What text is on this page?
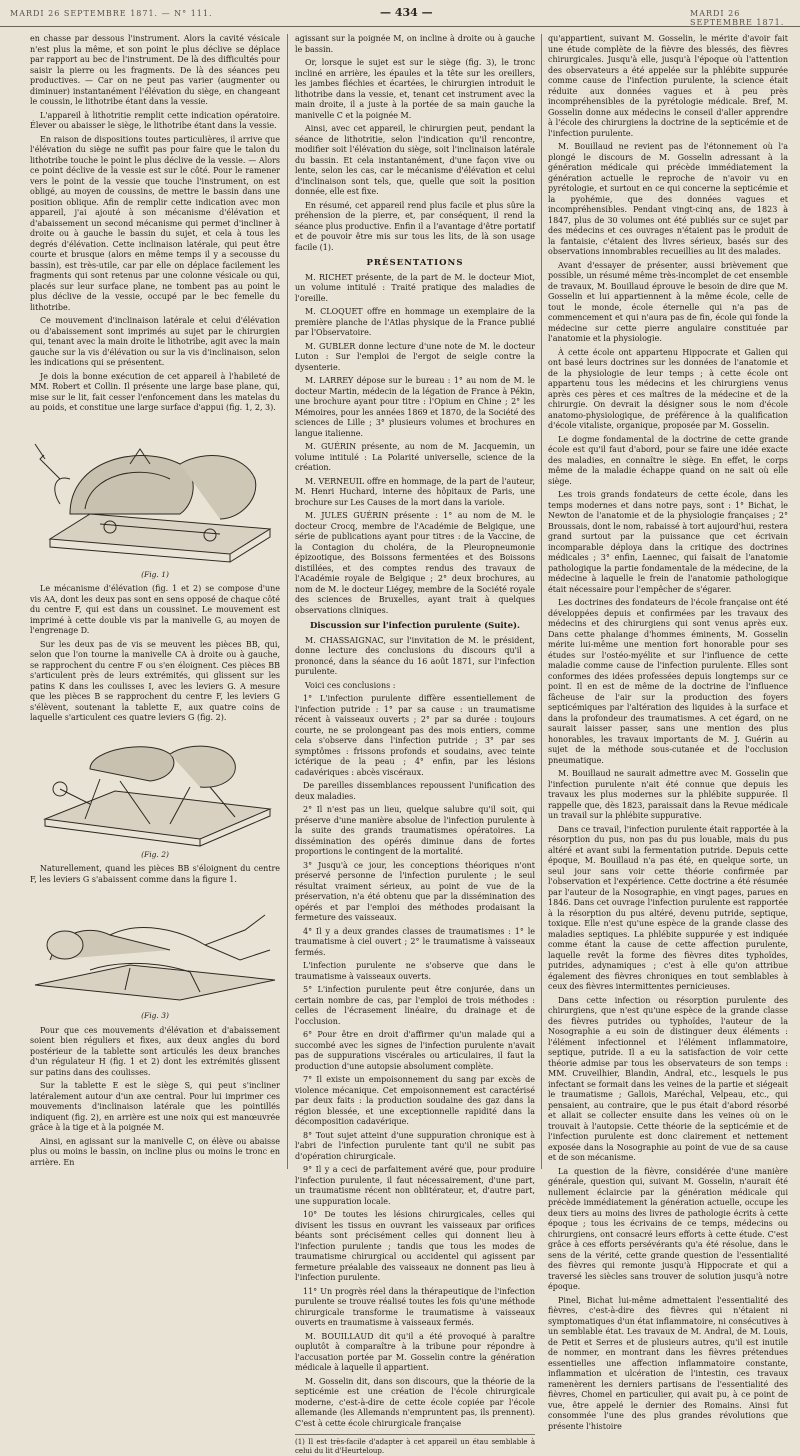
MARDI 26 SEPTEMBRE 1871. — N° 111.	— 434 —	MARDI 26 SEPTEMBRE 1871.

en chasse par dessous l'instrument. Alors la cavité vésicale n'est plus la même, et son point le plus déclive se déplace par rapport au bec de l'instrument. De là des difficultés pour saisir la pierre ou les fragments. De là des séances peu productives. — Car on ne peut pas varier (augmenter ou diminuer) instantanément l'élévation du siège, en changeant le coussin, le lithotribe étant dans la vessie.

L'appareil à lithotritie remplit cette indication opératoire. Élever ou abaisser le siège, le lithotribe étant dans la vessie.

En raison de dispositions toutes particulières, il arrive que l'élévation du siège ne suffit pas pour faire que le talon du lithotribe touche le point le plus déclive de la vessie. — Alors ce point déclive de la vessie est sur le côté. Pour le ramener vers le point de la vessie que touche l'instrument, on est obligé, au moyen de coussins, de mettre le bassin dans une position oblique. Afin de remplir cette indication avec mon appareil, j'ai ajouté à son mécanisme d'élévation et d'abaissement un second mécanisme qui permet d'incliner à droite ou à gauche le bassin du sujet, et cela à tous les degrés d'élévation. Cette inclinaison latérale, qui peut être courte et brusque (alors en même temps il y a secousse du bassin), est très-utile, car par elle on déplace facilement les fragments qui sont retenus par une colonne vésicale ou qui, placés sur leur surface plane, ne tombent pas au point le plus déclive de la vessie, occupé par le bec femelle du lithotribe.

Ce mouvement d'inclinaison latérale et celui d'élévation ou d'abaissement sont imprimés au sujet par le chirurgien qui, tenant avec la main droite le lithotribe, agit avec la main gauche sur la vis d'élévation ou sur la vis d'inclinaison, selon les indications qui se présentent.

Je dois la bonne exécution de cet appareil à l'habileté de MM. Robert et Collin. Il présente une large base plane, qui, mise sur le lit, fait cesser l'enfoncement dans les matelas du au poids, et constitue une large surface d'appui (fig. 1, 2, 3).

(Fig. 1)

Le mécanisme d'élévation (fig. 1 et 2) se compose d'une vis AA, dont les deux pas sont en sens opposé de chaque côté du centre F, qui est dans un coussinet. Le mouvement est imprimé à cette double vis par la manivelle G, au moyen de l'engrenage D.

Sur les deux pas de vis se meuvent les pièces BB, qui, selon que l'on tourne la manivelle CA à droite ou à gauche, se rapprochent du centre F ou s'en éloignent. Ces pièces BB s'articulent près de leurs extrémités, qui glissent sur les patins K dans les coulisses I, avec les leviers G. A mesure que les pièces B se rapprochent du centre F, les leviers G s'élèvent, soutenant la tablette E, aux quatre coins de laquelle s'articulent ces quatre leviers G (fig. 2).

(Fig. 2)

Naturellement, quand les pièces BB s'éloignent du centre F, les leviers G s'abaissent comme dans la figure 1.

(Fig. 3)

Pour que ces mouvements d'élévation et d'abaissement soient bien réguliers et fixes, aux deux angles du bord postérieur de la tablette sont articulés les deux branches d'un régulateur H (fig. 1 et 2) dont les extrémités glissent sur patins dans des coulisses.

Sur la tablette E est le siège S, qui peut s'incliner latéralement autour d'un axe central. Pour lui imprimer ces mouvements d'inclinaison latérale que les pointillés indiquent (fig. 2), en arrière est une noix qui est manœuvrée grâce à la tige et à la poignée M.

Ainsi, en agissant sur la manivelle C, on élève ou abaisse plus ou moins le bassin, on incline plus ou moins le tronc en arrière. En

agissant sur la poignée M, on incline à droite ou à gauche le bassin.

Or, lorsque le sujet est sur le siège (fig. 3), le tronc incliné en arrière, les épaules et la tête sur les oreillers, les jambes fléchies et écartées, le chirurgien introduit le lithotribe dans la vessie, et, tenant cet instrument avec la main droite, il a juste à la portée de sa main gauche la manivelle C et la poignée M.

Ainsi, avec cet appareil, le chirurgien peut, pendant la séance de lithotritie, selon l'indication qu'il rencontre, modifier soit l'élévation du siège, soit l'inclinaison latérale du bassin. Et cela instantanément, d'une façon vive ou lente, selon les cas, car le mécanisme d'élévation et celui d'inclinaison sont tels, que, quelle que soit la position donnée, elle est fixe.

En résumé, cet appareil rend plus facile et plus sûre la préhension de la pierre, et, par conséquent, il rend la séance plus productive. Enfin il a l'avantage d'être portatif et de pouvoir être mis sur tous les lits, de là son usage facile (1).

PRÉSENTATIONS

M. RICHET présente, de la part de M. le docteur Miot, un volume intitulé : Traité pratique des maladies de l'oreille.

M. CLOQUET offre en hommage un exemplaire de la première planche de l'Atlas physique de la France publié par l'Observatoire.

M. GUBLER donne lecture d'une note de M. le docteur Luton : Sur l'emploi de l'ergot de seigle contre la dysenterie.

M. LARREY dépose sur le bureau : 1° au nom de M. le docteur Martin, médecin de la légation de France à Pékin, une brochure ayant pour titre : l'Opium en Chine ; 2° les Mémoires, pour les années 1869 et 1870, de la Société des sciences de Lille ; 3° plusieurs volumes et brochures en langue italienne.

M. GUÉRIN présente, au nom de M. Jacquemin, un volume intitulé : La Polarité universelle, science de la création.

M. VERNEUIL offre en hommage, de la part de l'auteur, M. Henri Huchard, interne des hôpitaux de Paris, une brochure sur Les Causes de la mort dans la variole.

M. JULES GUÉRIN présente : 1° au nom de M. le docteur Crocq, membre de l'Académie de Belgique, une série de publications ayant pour titres : de la Vaccine, de la Contagion du choléra, de la Pleuropneumonie épizootique, des Boissons fermentées et des Boissons distillées, et des comptes rendus des travaux de l'Académie royale de Belgique ; 2° deux brochures, au nom de M. le docteur Liégey, membre de la Société royale des sciences de Bruxelles, ayant trait à quelques observations cliniques.

Discussion sur l'infection purulente (Suite).

M. CHASSAIGNAC, sur l'invitation de M. le président, donne lecture des conclusions du discours qu'il a prononcé, dans la séance du 16 août 1871, sur l'infection purulente.

Voici ces conclusions :

1° L'infection purulente diffère essentiellement de l'infection putride : 1° par sa cause : un traumatisme récent à vaisseaux ouverts ; 2° par sa durée : toujours courte, ne se prolongeant pas des mois entiers, comme cela s'observe dans l'infection putride ; 3° par ses symptômes : frissons profonds et soudains, avec teinte ictérique de la peau ; 4° enfin, par les lésions cadavériques : abcès viscéraux.

De pareilles dissemblances repoussent l'unification des deux maladies.

2° Il n'est pas un lieu, quelque salubre qu'il soit, qui préserve d'une manière absolue de l'infection purulente à la suite des grands traumatismes opératoires. La dissémination des opérés diminue dans de fortes proportions le contingent de la mortalité.

3° Jusqu'à ce jour, les conceptions théoriques n'ont préservé personne de l'infection purulente ; le seul résultat vraiment sérieux, au point de vue de la préservation, n'a été obtenu que par la dissémination des opérés et par l'emploi des méthodes prodaisant la fermeture des vaisseaux.

4° Il y a deux grandes classes de traumatismes : 1° le traumatisme à ciel ouvert ; 2° le traumatisme à vaisseaux fermés.

L'infection purulente ne s'observe que dans le traumatisme à vaisseaux ouverts.

5° L'infection purulente peut être conjurée, dans un certain nombre de cas, par l'emploi de trois méthodes : celles de l'écrasement linéaire, du drainage et de l'occlusion.

6° Pour être en droit d'affirmer qu'un malade qui a succombé avec les signes de l'infection purulente n'avait pas de suppurations viscérales ou articulaires, il faut la production d'une autopsie absolument complète.

7° Il existe un empoisonnement du sang par excès de violence mécanique. Cet empoisonnement est caractérisé par deux faits : la production soudaine des gaz dans la région blessée, et une exceptionnelle rapidité dans la décomposition cadavérique.

8° Tout sujet atteint d'une suppuration chronique est à l'abri de l'infection purulente tant qu'il ne subit pas d'opération chirurgicale.

9° Il y a ceci de parfaitement avéré que, pour produire l'infection purulente, il faut nécessairement, d'une part, un traumatisme récent non oblitérateur, et, d'autre part, une suppuration locale.

10° De toutes les lésions chirurgicales, celles qui divisent les tissus en ouvrant les vaisseaux par orifices béants sont précisément celles qui donnent lieu à l'infection purulente ; tandis que tous les modes de traumatisme chirurgical ou accidentel qui agissent par fermeture préalable des vaisseaux ne donnent pas lieu à l'infection purulente.

11° Un progrès réel dans la thérapeutique de l'infection purulente se trouve réalisé toutes les fois qu'une méthode chirurgicale transforme le traumatisme à vaisseaux ouverts en traumatisme à vaisseaux fermés.

M. BOUILLAUD dit qu'il a été provoqué à paraître ouplutôt à comparaître à la tribune pour répondre à l'accusation portée par M. Gosselin contre la génération médicale à laquelle il appartient.

M. Gosselin dit, dans son discours, que la théorie de la septicémie est une création de l'école chirurgicale moderne, c'est-à-dire de cette école copiée par l'école allemande (les Allemands n'empruntent pas, ils prennent). C'est à cette école chirurgicale française

(1) Il est très-facile d'adapter à cet appareil un étau semblable à celui du lit d'Heurteloup.

qu'appartient, suivant M. Gosselin, le mérite d'avoir fait une étude complète de la fièvre des blessés, des fièvres chirurgicales. Jusqu'à elle, jusqu'à l'époque où l'attention des observateurs a été appelée sur la phlébite suppurée comme cause de l'infection purulente, la science était réduite aux données vagues et à peu près incompréhensibles de la pyrétologie médicale. Bref, M. Gosselin donne aux médecins le conseil d'aller apprendre à l'école des chirurgiens la doctrine de la septicémie et de l'infection purulente.

M. Bouillaud ne revient pas de l'étonnement où l'a plongé le discours de M. Gosselin adressant à la génération médicale qui précède immédiatement la génération actuelle le reproche de n'avoir vu en pyrétologie, et surtout en ce qui concerne la septicémie et la pyohémie, que des données vagues et incompréhensibles. Pendant vingt-cinq ans, de 1823 à 1847, plus de 30 volumes ont été publiés sur ce sujet par des médecins et ces ouvrages n'étaient pas le produit de la fantaisie, c'étaient des livres sérieux, basés sur des observations innombrables recueillies au lit des malades.

Avant d'essayer de présenter, aussi brièvement que possible, un résumé même très-incomplet de cet ensemble de travaux, M. Bouillaud éprouve le besoin de dire que M. Gosselin et lui appartiennent à la même école, celle de tout le monde, école éternelle qui n'a pas de commencement et qui n'aura pas de fin, école qui fonde la médecine sur cette pierre angulaire constituée par l'anatomie et la physiologie.

À cette école ont appartenu Hippocrate et Galien qui ont basé leurs doctrines sur les données de l'anatomie et de la physiologie de leur temps ; à cette école ont appartenu tous les médecins et les chirurgiens venus après ces pères et ces maîtres de la médecine et de la chirurgie. On devrait la désigner sous le nom d'école anatomo-physiologique, de préférence à la qualification d'école vitaliste, organique, proposée par M. Gosselin.

Le dogme fondamental de la doctrine de cette grande école est qu'il faut d'abord, pour se faire une idée exacte des maladies, en connaître le siège. En effet, le corps même de la maladie échappe quand on ne sait où elle siège.

Les trois grands fondateurs de cette école, dans les temps modernes et dans notre pays, sont : 1° Bichat, le Newton de l'anatomie et de la physiologie françaises ; 2° Broussais, dont le nom, rabaissé à tort aujourd'hui, restera grand surtout par la puissance que cet écrivain incomparable déploya dans la critique des doctrines médicales ; 3° enfin, Laennec, qui faisait de l'anatomie pathologique la partie fondamentale de la médecine, de la médecine à laquelle le frein de l'anatomie pathologique était nécessaire pour l'empêcher de s'égarer.

Les doctrines des fondateurs de l'école française ont été développées depuis et confirmées par les travaux des médecins et des chirurgiens qui sont venus après eux. Dans cette phalange d'hommes éminents, M. Gosselin mérite lui-même une mention fort honorable pour ses études sur l'ostéo-myélite et sur l'influence de cette maladie comme cause de l'infection purulente. Elles sont conformes des idées professées depuis longtemps sur ce point. Il en est de même de la doctrine de l'influence fâcheuse de l'air sur la production des foyers septicémiques par l'altération des liquides à la surface et dans la profondeur des traumatismes. A cet égard, on ne saurait laisser passer, sans une mention des plus honorables, les travaux importants de M. J. Guérin au sujet de la méthode sous-cutanée et de l'occlusion pneumatique.

M. Bouillaud ne saurait admettre avec M. Gosselin que l'infection purulente n'ait été connue que depuis les travaux les plus modernes sur la phlébite suppurée. Il rappelle que, dès 1823, paraissait dans la Revue médicale un travail sur la phlébite suppurative.

Dans ce travail, l'infection purulente était rapportée à la résorption du pus, non pas du pus louable, mais du pus altéré et avant subi la fermentation putride. Depuis cette époque, M. Bouillaud n'a pas été, en quelque sorte, un seul jour sans voir cette théorie confirmée par l'observation et l'expérience. Cette doctrine a été résumée par l'auteur de la Nosographie, en vingt pages, parues en 1846. Dans cet ouvrage l'infection purulente est rapportée à la résorption du pus altéré, devenu putride, septique, toxique. Elle n'est qu'une espèce de la grande classe des maladies septiques. La phlébite suppurée y est indiquée comme étant la cause de cette affection purulente, laquelle revêt la forme des fièvres dites typhoïdes, putrides, adynamiques ; c'est à elle qu'on attribue également des fièvres chroniques en tout semblables à ceux des fièvres intermittentes pernicieuses.

Dans cette infection ou résorption purulente des chirurgiens, que n'est qu'une espèce de la grande classe des fièvres putrides ou typhoïdes, l'auteur de la Nosographie a eu soin de distinguer deux éléments : l'élément infectionnel et l'élément inflammatoire, septique, putride. Il a eu la satisfaction de voir cette théorie admise par tous les observateurs de son temps : MM. Cruveilhier, Blandin, Andral, etc., lesquels le pus infectant se formait dans les veines de la partie et siégeait le traumatisme ; Gallois, Maréchal, Velpeau, etc., qui pensaient, au contraire, que le pus était d'abord résorbé et allait se collecter ensuite dans les veines où on le trouvait à l'autopsie. Cette théorie de la septicémie et de l'infection purulente est donc clairement et nettement exposée dans la Nosographie au point de vue de sa cause et de son mécanisme.

La question de la fièvre, considérée d'une manière générale, question qui, suivant M. Gosselin, n'aurait été nullement éclaircie par la génération médicale qui précède immédiatement la génération actuelle, occupe les deux tiers au moins des livres de pathologie écrits à cette époque ; tous les écrivains de ce temps, médecins ou chirurgiens, ont consacré leurs efforts à cette étude. C'est grâce à ces efforts persévérants qu'a été résolue, dans le sens de la vérité, cette grande question de l'essentialité des fièvres qui remonte jusqu'à Hippocrate et qui a traversé les siècles sans trouver de solution jusqu'à notre époque.

Pinel, Bichat lui-même admettaient l'essentialité des fièvres, c'est-à-dire des fièvres qui n'étaient ni symptomatiques d'un état inflammatoire, ni consécutives à un semblable état. Les travaux de M. Andral, de M. Louis, de Petit et Serres et de plusieurs autres, qu'il est inutile de nommer, en montrant dans les fièvres prétendues essentielles une affection inflammatoire constante, inflammation et ulcération de l'intestin, ces travaux ramenèrent les derniers partisans de l'essentialité des fièvres, Chomel en particulier, qui avait pu, à ce point de vue, être appelé le dernier des Romains. Ainsi fut consommée l'une des plus grandes révolutions que présente l'histoire
